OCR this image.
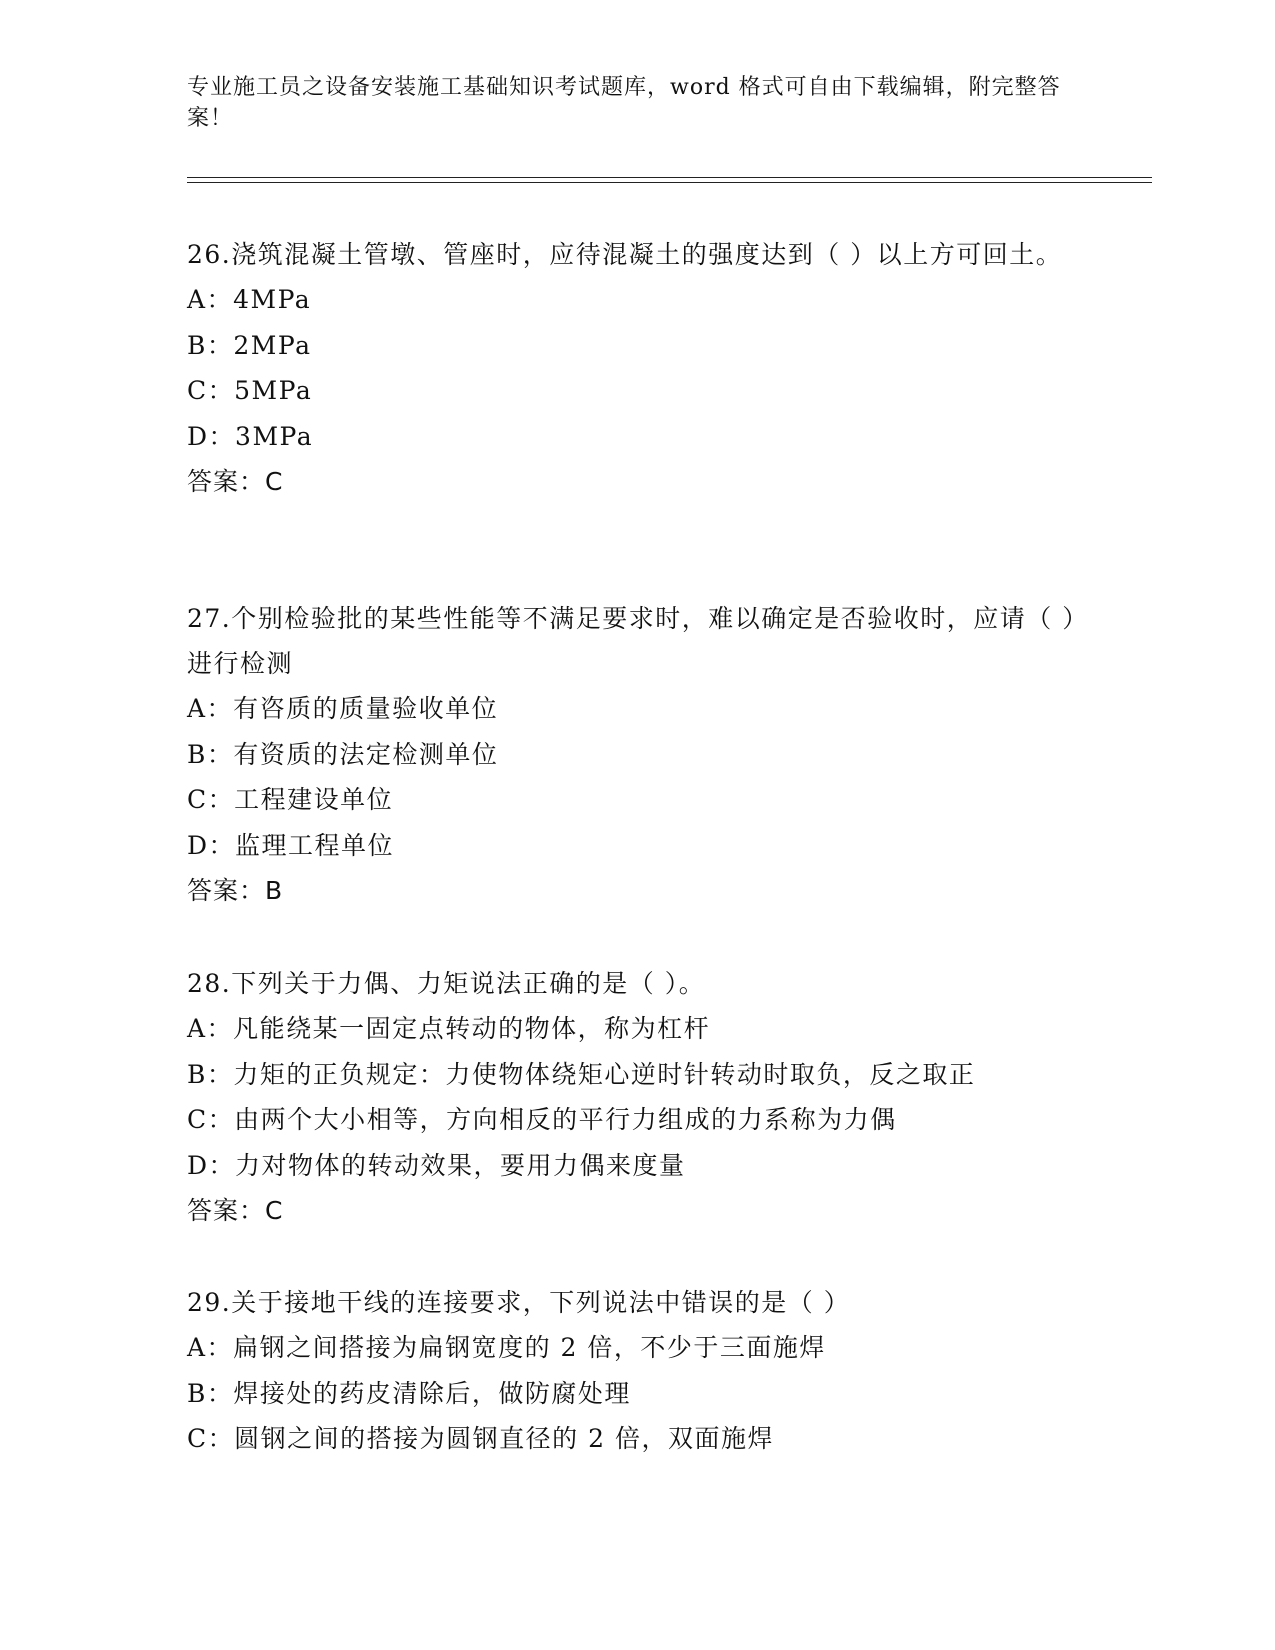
专业施工员之设备安装施工基础知识考试题库，word 格式可自由下载编辑，附完整答案！

26.浇筑混凝土管墩、管座时，应待混凝土的强度达到（ ）以上方可回土。

A：4MPa

B：2MPa

C：5MPa

D：3MPa

答案：C

27.个别检验批的某些性能等不满足要求时，难以确定是否验收时，应请（ ）进行检测

A：有咨质的质量验收单位

B：有资质的法定检测单位

C：工程建设单位

D：监理工程单位

答案：B

28.下列关于力偶、力矩说法正确的是（ ）。

A：凡能绕某一固定点转动的物体，称为杠杆

B：力矩的正负规定：力使物体绕矩心逆时针转动时取负，反之取正

C：由两个大小相等，方向相反的平行力组成的力系称为力偶

D：力对物体的转动效果，要用力偶来度量

答案：C

29.关于接地干线的连接要求，下列说法中错误的是（ ）

A：扁钢之间搭接为扁钢宽度的 2 倍，不少于三面施焊

B：焊接处的药皮清除后，做防腐处理

C：圆钢之间的搭接为圆钢直径的 2 倍，双面施焊
